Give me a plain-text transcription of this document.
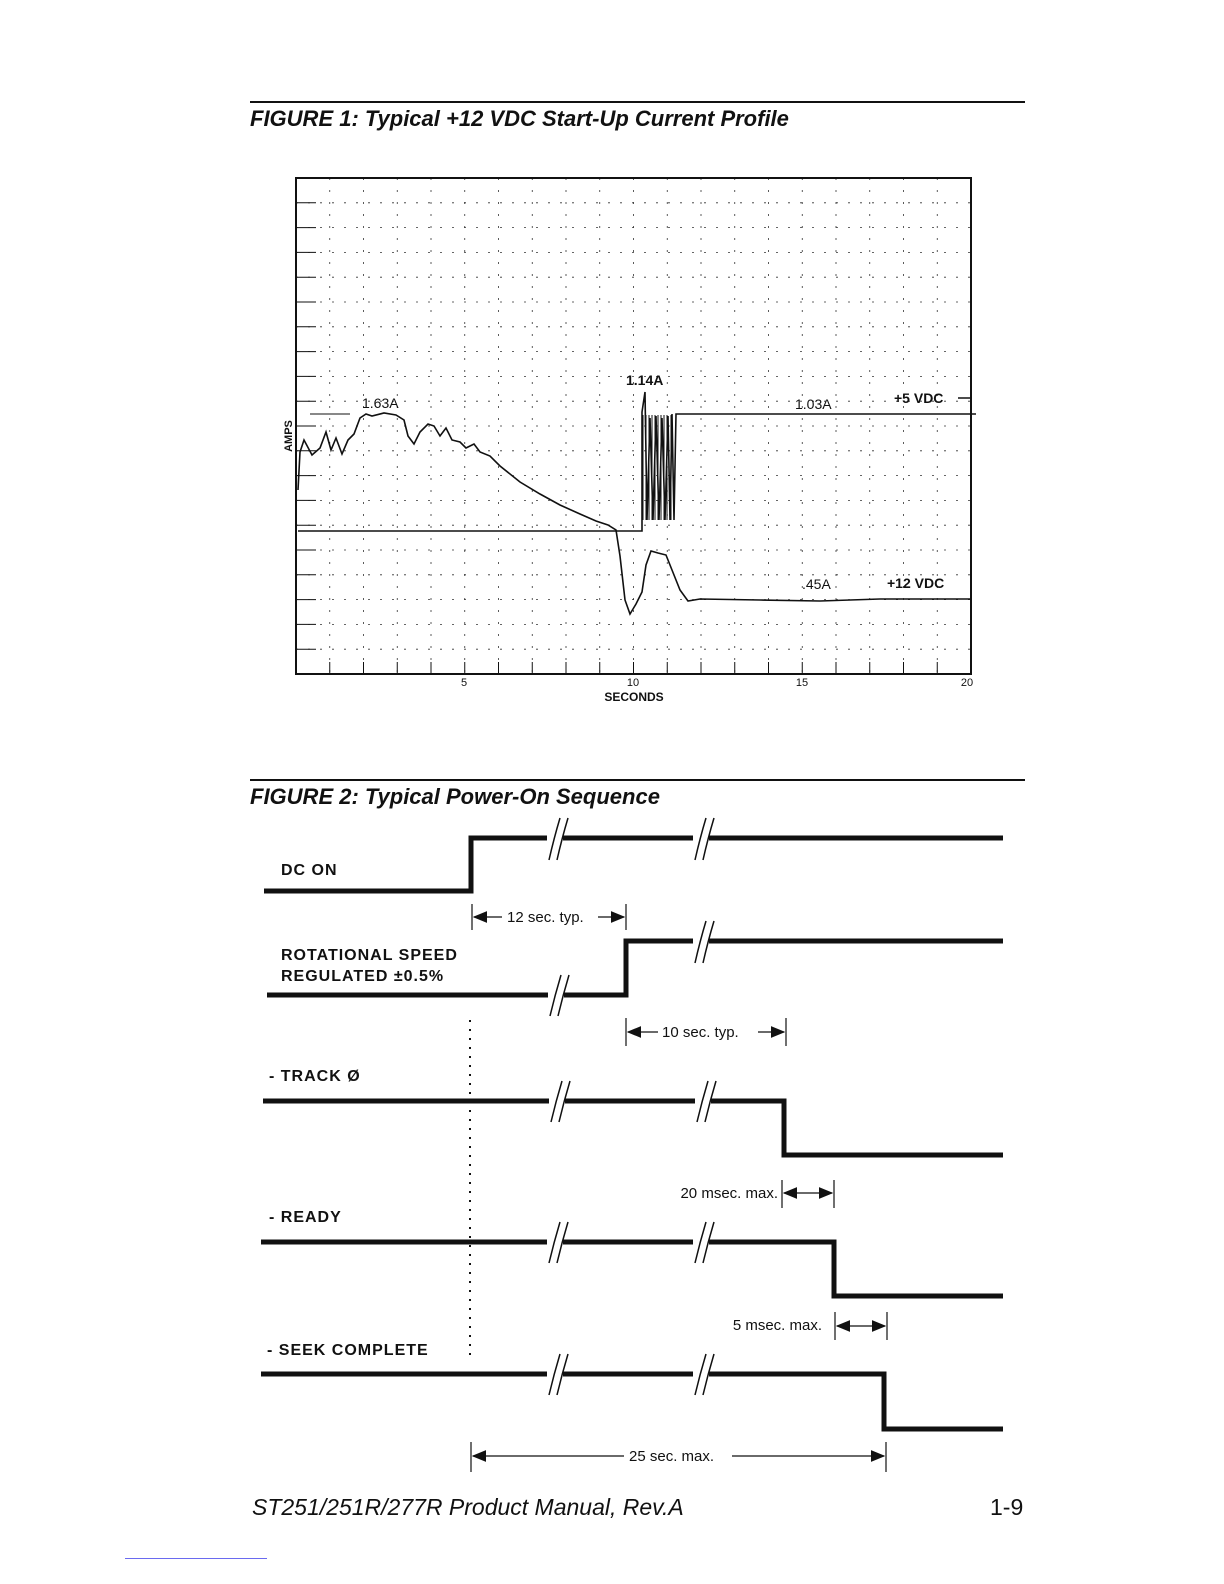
FIGURE 1: Typical +12 VDC Start-Up Current Profile
1.63A
1.14A
1.03A
.45A
+5 VDC
+12 VDC
AMPS
5	10	15	20
SECONDS
FIGURE 2: Typical Power-On Sequence
DC ON
ROTATIONAL SPEED
REGULATED ±0.5%
- TRACK Ø
- READY
- SEEK COMPLETE
12 sec. typ.
10 sec. typ.
20 msec. max.
5 msec. max.
25 sec. max.
ST251/251R/277R Product Manual, Rev.A	1-9
